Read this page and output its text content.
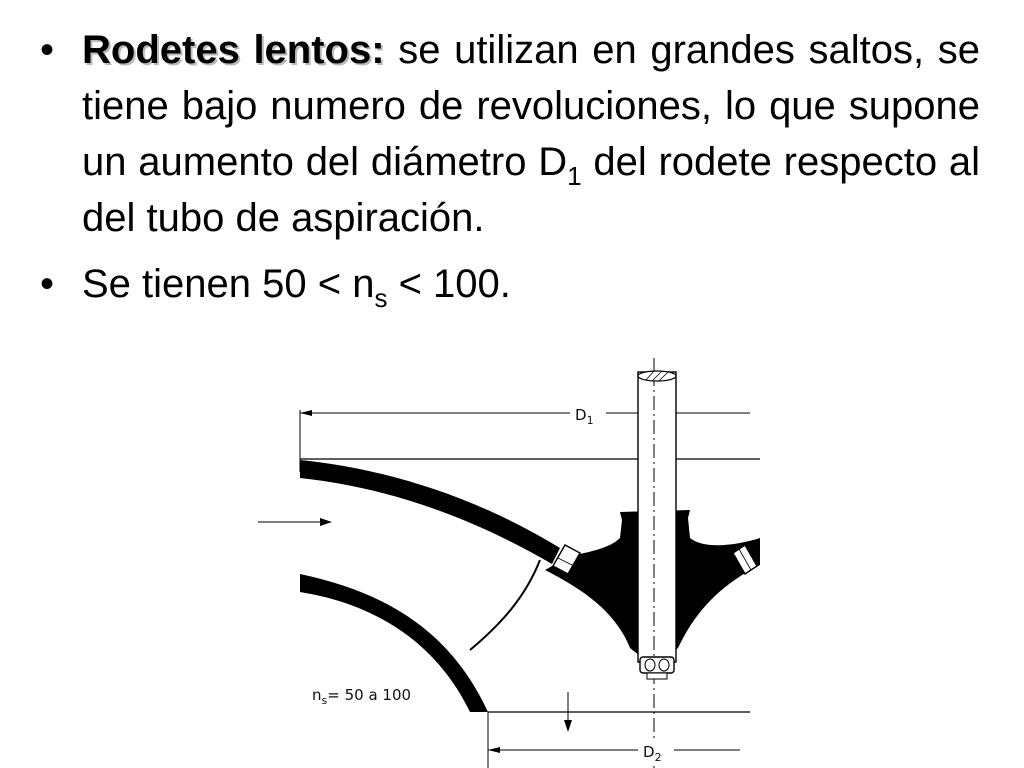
• Rodetes lentos: se utilizan en grandes saltos, se tiene bajo numero de revoluciones, lo que supone un aumento del diámetro $D_1$ del rodete respecto al del tubo de aspiración.
• Se tienen $50 < n_s < 100$.
$D_1$
$D_2$
$n_s= 50$ a 100
